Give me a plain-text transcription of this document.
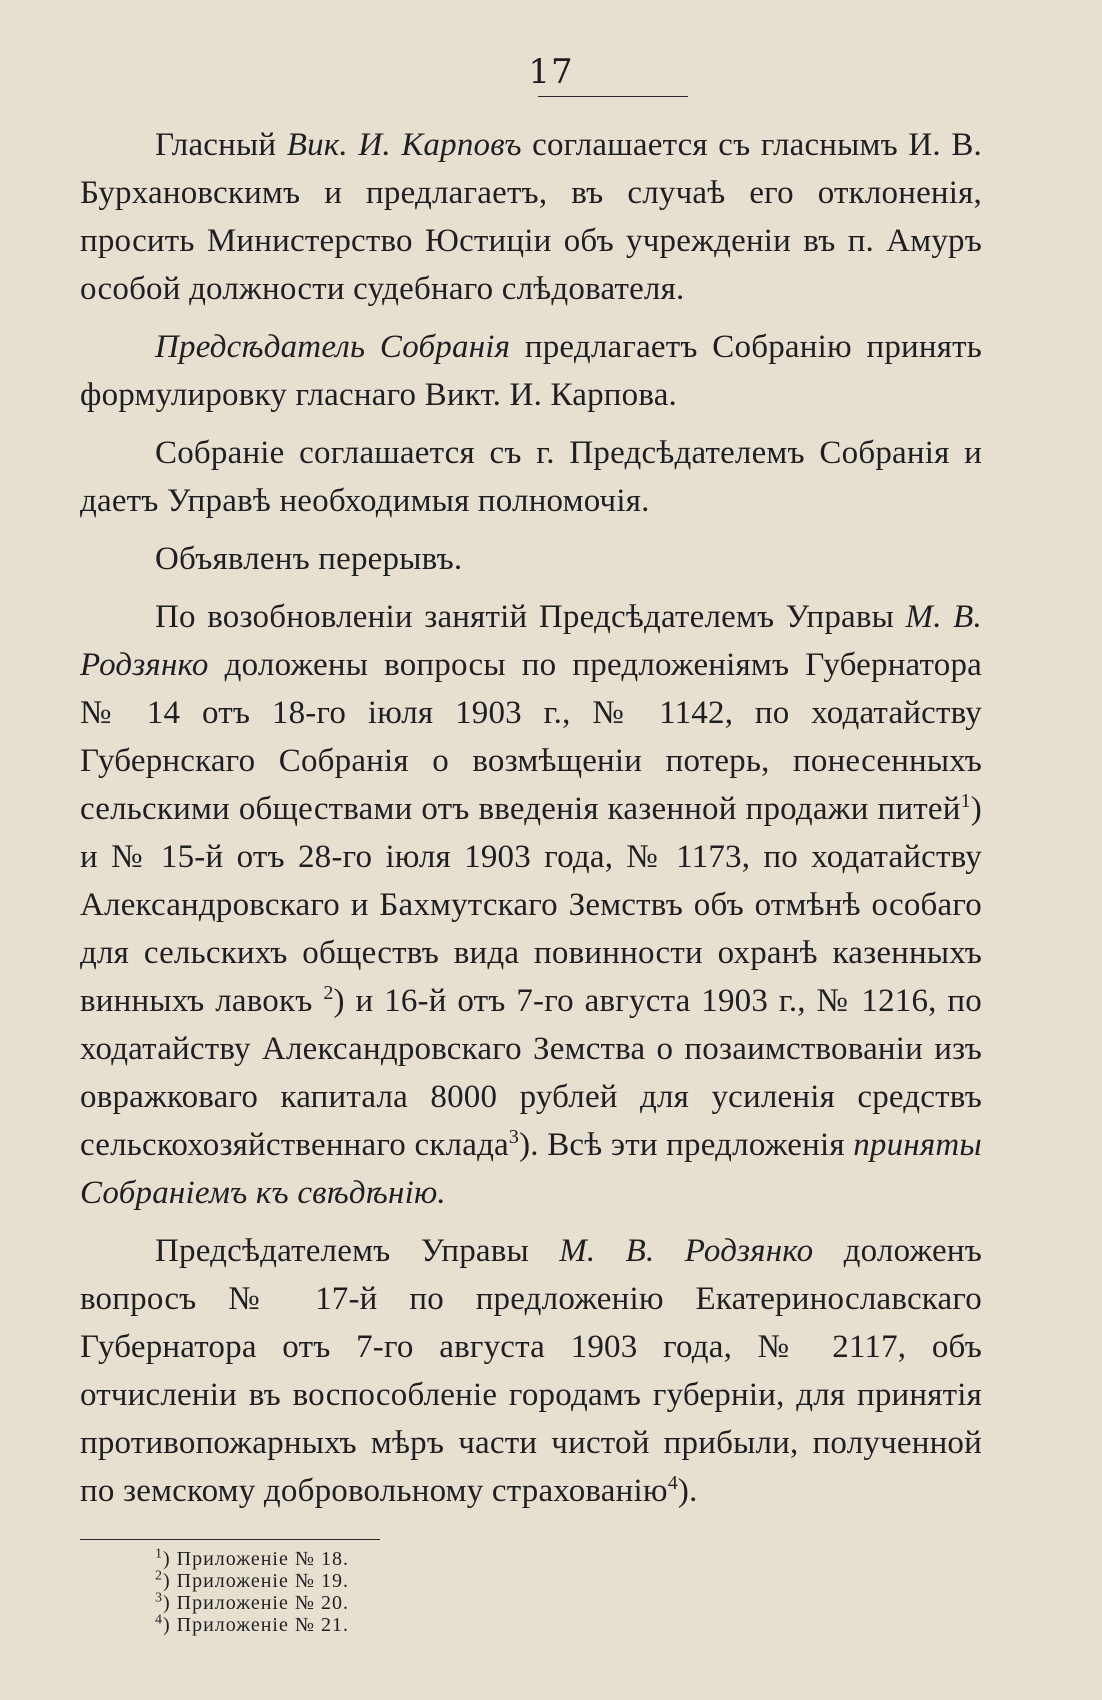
17

Гласный Вик. И. Карповъ соглашается съ гласнымъ И. В. Бурхановскимъ и предлагаетъ, въ случаѣ его отклоненія, просить Министерство Юстиціи объ учрежденіи въ п. Амуръ особой должности судебнаго слѣдователя.

Предсѣдатель Собранія предлагаетъ Собранію принять формулировку гласнаго Викт. И. Карпова.

Собраніе соглашается съ г. Предсѣдателемъ Собранія и даетъ Управѣ необходимыя полномочія.

Объявленъ перерывъ.

По возобновленіи занятій Предсѣдателемъ Управы М. В. Родзянко доложены вопросы по предложеніямъ Губернатора № 14 отъ 18-го іюля 1903 г., № 1142, по ходатайству Губернскаго Собранія о возмѣщеніи потерь, понесенныхъ сельскими обществами отъ введенія казенной продажи питей$^1$) и № 15-й отъ 28-го іюля 1903 года, № 1173, по ходатайству Александровскаго и Бахмутскаго Земствъ объ отмѣнѣ особаго для сельскихъ обществъ вида повинности охранѣ казенныхъ винныхъ лавокъ $^2$) и 16-й отъ 7-го августа 1903 г., № 1216, по ходатайству Александровскаго Земства о позаимствованіи изъ овражковаго капитала 8000 рублей для усиленія средствъ сельскохозяйственнаго склада$^3$). Всѣ эти предложенія приняты Собраніемъ къ свѣдѣнію.

Предсѣдателемъ Управы М. В. Родзянко доложенъ вопросъ № 17-й по предложенію Екатеринославскаго Губернатора отъ 7-го августа 1903 года, № 2117, объ отчисленіи въ воспособленіе городамъ губерніи, для принятія противопожарныхъ мѣръ части чистой прибыли, полученной по земскому добровольному страхованію$^4$).

$^1$) Приложеніе № 18.
$^2$) Приложеніе № 19.
$^3$) Приложеніе № 20.
$^4$) Приложеніе № 21.
